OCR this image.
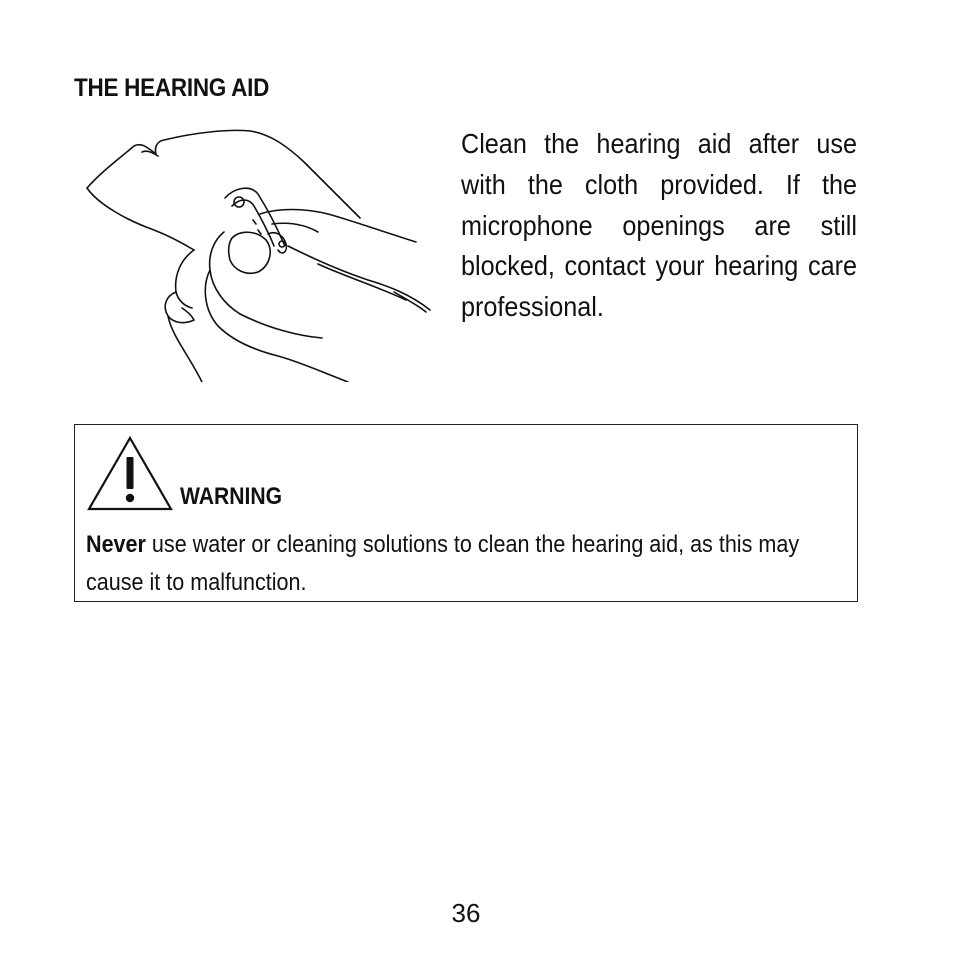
THE HEARING AID

Clean the hearing aid after use with the cloth provided. If the microphone openings are still blocked, contact your hearing care professional.

WARNING

Never use water or cleaning solutions to clean the hearing aid, as this may cause it to malfunction.

36
